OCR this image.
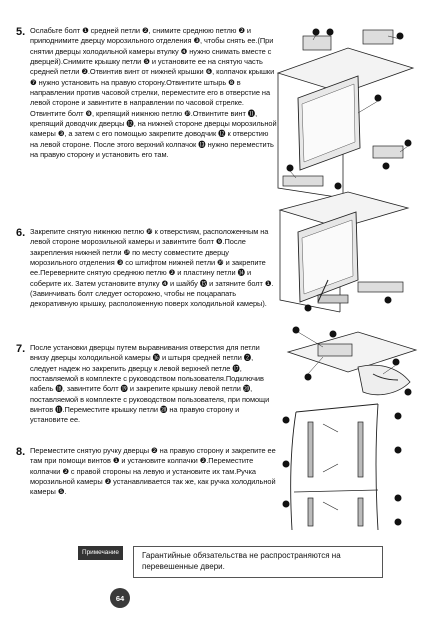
5. Ослабьте болт ❶ средней петли ❷, снимите среднюю петлю ❷ и приподнимите дверцу морозильного отделения ❸, чтобы снять ее.(При снятии дверцы холодильной камеры втулку ❹ нужно снимать вместе с дверцей).Снимите крышку петли ❺ и установите ее на снятую часть средней петли ❷.Отвинтив винт от нижней крышки ❻, колпачок крышки ❼ нужно установить на правую сторону.Отвинтите штырь ❽ в направлении против часовой стрелки, переместите его в отверстие на левой стороне и завинтите в направлении по часовой стрелке. Отвинтите болт ❾, крепящий нижнюю петлю ❿.Отвинтите винт ⓫, крепящий доводчик дверцы ⓬, на нижней стороне дверцы морозильной камеры ❸, а затем с его помощью закрепите доводчик ⓬ к отверстию на левой стороне. После этого верхний колпачок ⓭ нужно переместить на правую сторону и установить его там.
6. Закрепите снятую нижнюю петлю ❿ к отверстиям, расположенным на левой стороне морозильной камеры и завинтите болт ❾.После закрепления нижней петли ❿ по месту совместите дверцу морозильного отделения ❸ со штифтом нижней петли ❿ и закрепите ее.Переверните снятую среднюю петлю ❷ и пластину петли ⓮ и соберите их. Затем установите втулку ❹ и шайбу ⓯ и затяните болт ❶.(Завинчивать болт следует осторожно, чтобы не поцарапать декоративную крышку, расположенную поверх холодильной камеры).
7. После установки дверцы путем выравнивания отверстия для петли внизу дверцы холодильной камеры ⓰ и штыря средней петли ❷, следует надеж но закрепить дверцу к левой верхней петле ⓱, поставляемой в комплекте с руководством пользователя.Подключив кабель ⓲, завинтите болт ⓳ и закрепите крышку левой петли ⓴, поставляемой в комплекте с руководством пользователя, при помощи винтов ⓫.Переместите крышку петли ⓴ на правую сторону и установите ее.
8. Переместите снятую ручку дверцы ❷ на правую сторону и закрепите ее там при помощи винтов ❶ и установите колпачки ❷.Переместите колпачки ❷ с правой стороны на левую и установите их там.Ручка морозильной камеры ❷ устанавливается так же, как ручка холодильной камеры ❺.
Примечание	Гарантийные обязательства не распространяются на перевешенные двери.
64
